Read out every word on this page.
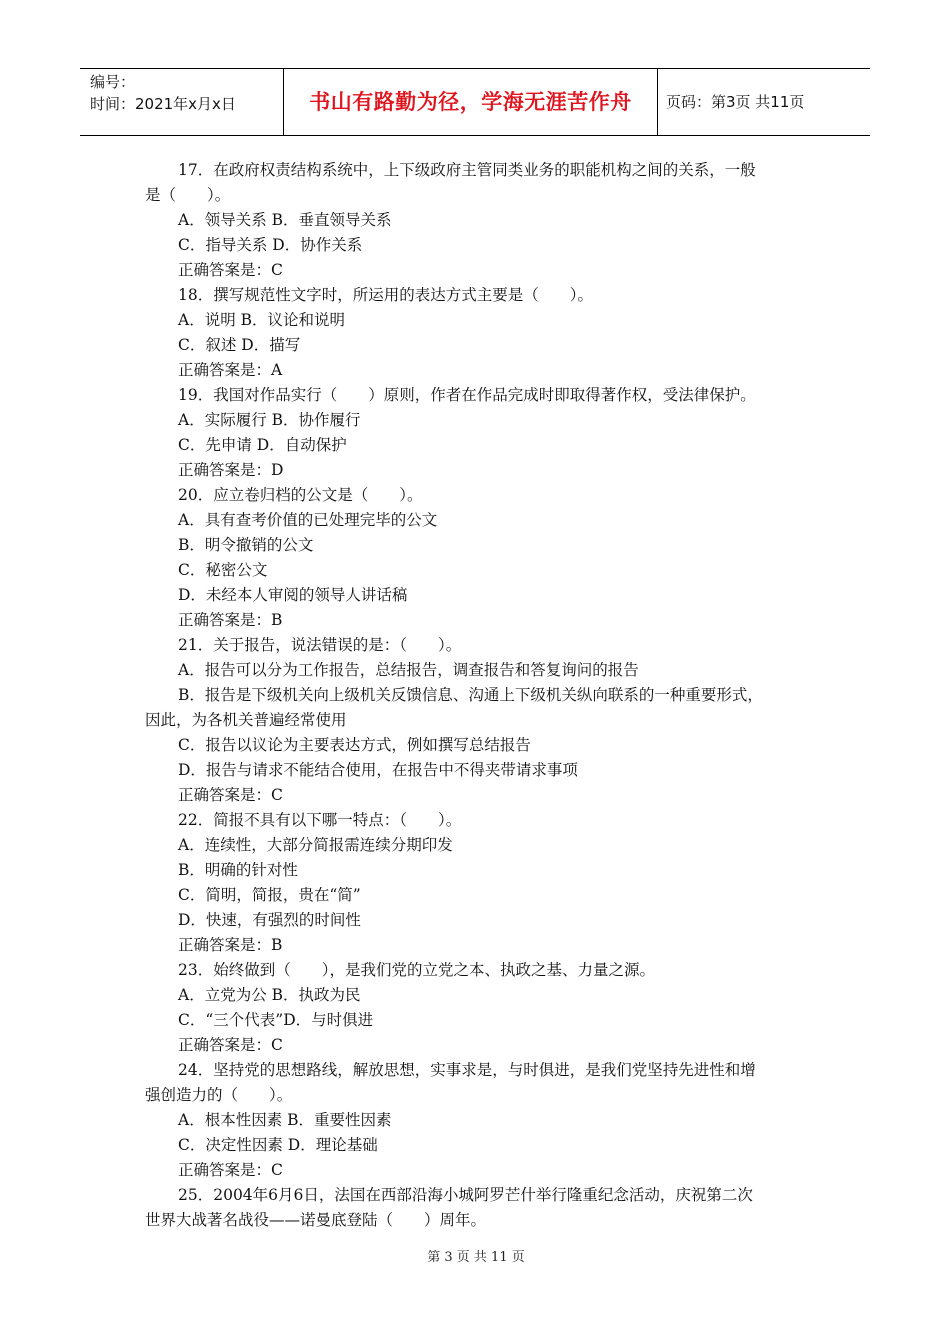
编号：
时间：2021年x月x日	书山有路勤为径，学海无涯苦作舟	页码：第3页 共11页

17．在政府权责结构系统中，上下级政府主管同类业务的职能机构之间的关系，一般

是（　　）。

A．领导关系 B．垂直领导关系

C．指导关系 D．协作关系

正确答案是：C

18．撰写规范性文字时，所运用的表达方式主要是（　　）。

A．说明 B．议论和说明

C．叙述 D．描写

正确答案是：A

19．我国对作品实行（　　）原则，作者在作品完成时即取得著作权，受法律保护。

A．实际履行 B．协作履行

C．先申请 D．自动保护

正确答案是：D

20．应立卷归档的公文是（　　）。

A．具有查考价值的已处理完毕的公文

B．明令撤销的公文

C．秘密公文

D．未经本人审阅的领导人讲话稿

正确答案是：B

21．关于报告，说法错误的是：（　　）。

A．报告可以分为工作报告，总结报告，调查报告和答复询问的报告

B．报告是下级机关向上级机关反馈信息、沟通上下级机关纵向联系的一种重要形式，

因此，为各机关普遍经常使用

C．报告以议论为主要表达方式，例如撰写总结报告

D．报告与请求不能结合使用，在报告中不得夹带请求事项

正确答案是：C

22．简报不具有以下哪一特点：（　　）。

A．连续性，大部分简报需连续分期印发

B．明确的针对性

C．简明，简报，贵在“简”

D．快速，有强烈的时间性

正确答案是：B

23．始终做到（　　），是我们党的立党之本、执政之基、力量之源。

A．立党为公 B．执政为民

C．“三个代表”D．与时俱进

正确答案是：C

24．坚持党的思想路线，解放思想，实事求是，与时俱进，是我们党坚持先进性和增

强创造力的（　　）。

A．根本性因素 B．重要性因素

C．决定性因素 D．理论基础

正确答案是：C

25．2004年6月6日，法国在西部沿海小城阿罗芒什举行隆重纪念活动，庆祝第二次

世界大战著名战役——诺曼底登陆（　　）周年。

第 3 页 共 11 页
